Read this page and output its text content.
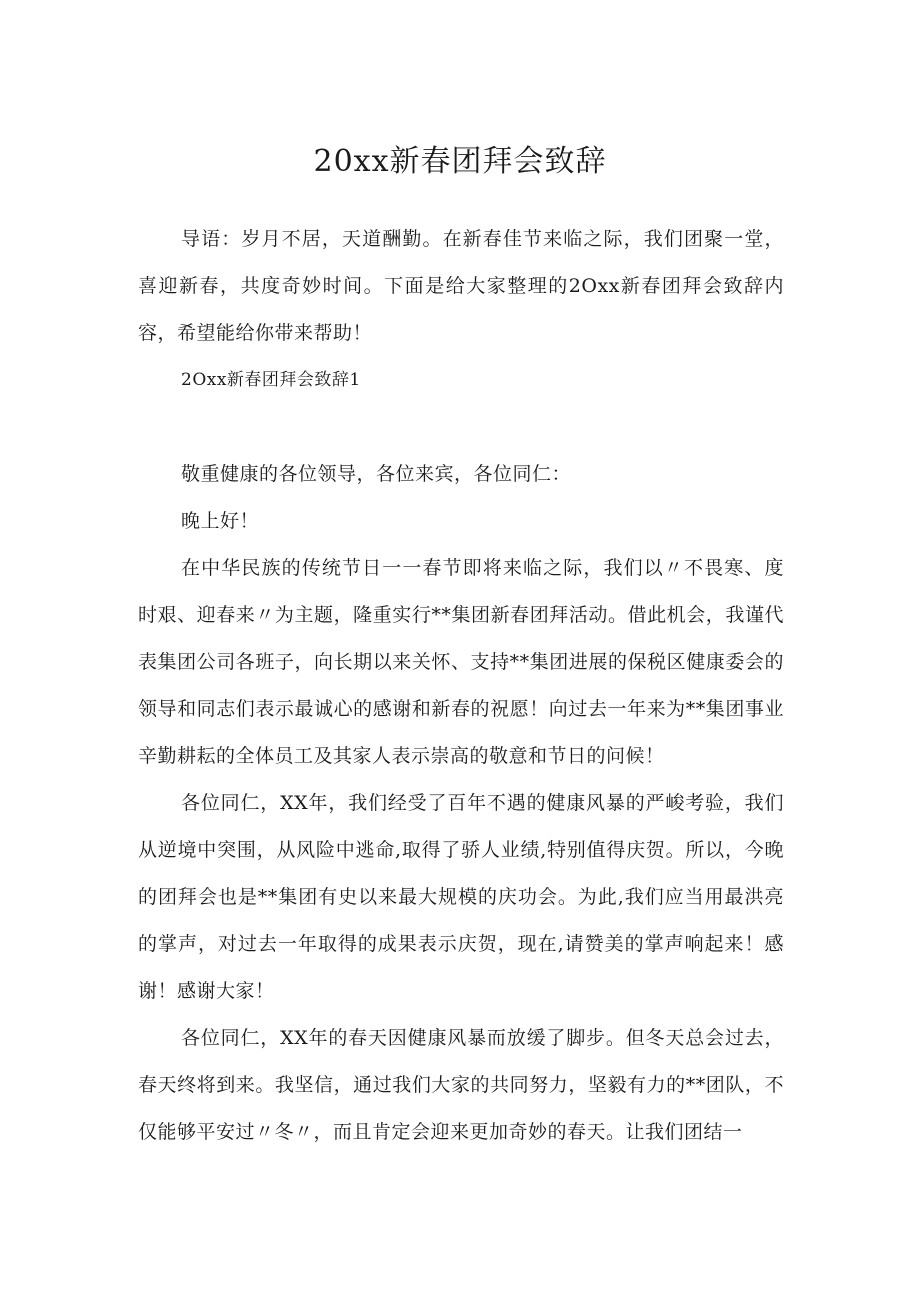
20xx新春团拜会致辞

导语：岁月不居，天道酬勤。在新春佳节来临之际，我们团聚一堂，喜迎新春，共度奇妙时间。下面是给大家整理的2Oxx新春团拜会致辞内容，希望能给你带来帮助！

2Oxx新春团拜会致辞1

敬重健康的各位领导，各位来宾，各位同仁：

晚上好！

在中华民族的传统节日一一春节即将来临之际，我们以〃不畏寒、度时艰、迎春来〃为主题，隆重实行**集团新春团拜活动。借此机会，我谨代表集团公司各班子，向长期以来关怀、支持**集团进展的保税区健康委会的领导和同志们表示最诚心的感谢和新春的祝愿！向过去一年来为**集团事业辛勤耕耘的全体员工及其家人表示崇高的敬意和节日的问候！

各位同仁，XX年，我们经受了百年不遇的健康风暴的严峻考验，我们从逆境中突围，从风险中逃命,取得了骄人业绩,特别值得庆贺。所以，今晚的团拜会也是**集团有史以来最大规模的庆功会。为此,我们应当用最洪亮的掌声，对过去一年取得的成果表示庆贺，现在,请赞美的掌声响起来！感谢！感谢大家！

各位同仁，XX年的春天因健康风暴而放缓了脚步。但冬天总会过去，春天终将到来。我坚信，通过我们大家的共同努力，坚毅有力的**团队，不仅能够平安过〃冬〃，而且肯定会迎来更加奇妙的春天。让我们团结一
